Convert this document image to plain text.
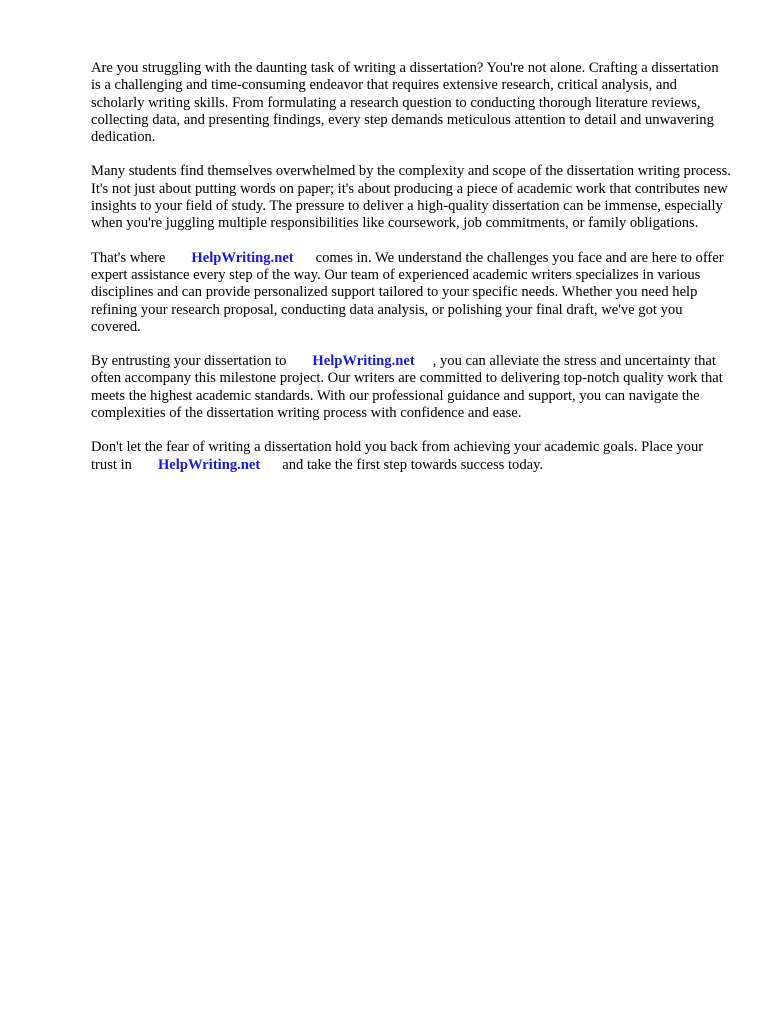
Are you struggling with the daunting task of writing a dissertation? You're not alone. Crafting a dissertation is a challenging and time-consuming endeavor that requires extensive research, critical analysis, and scholarly writing skills. From formulating a research question to conducting thorough literature reviews, collecting data, and presenting findings, every step demands meticulous attention to detail and unwavering dedication.

Many students find themselves overwhelmed by the complexity and scope of the dissertation writing process. It's not just about putting words on paper; it's about producing a piece of academic work that contributes new insights to your field of study. The pressure to deliver a high-quality dissertation can be immense, especially when you're juggling multiple responsibilities like coursework, job commitments, or family obligations.

That's where HelpWriting.net comes in. We understand the challenges you face and are here to offer expert assistance every step of the way. Our team of experienced academic writers specializes in various disciplines and can provide personalized support tailored to your specific needs. Whether you need help refining your research proposal, conducting data analysis, or polishing your final draft, we've got you covered.

By entrusting your dissertation to HelpWriting.net , you can alleviate the stress and uncertainty that often accompany this milestone project. Our writers are committed to delivering top-notch quality work that meets the highest academic standards. With our professional guidance and support, you can navigate the complexities of the dissertation writing process with confidence and ease.

Don't let the fear of writing a dissertation hold you back from achieving your academic goals. Place your trust in HelpWriting.net and take the first step towards success today.
